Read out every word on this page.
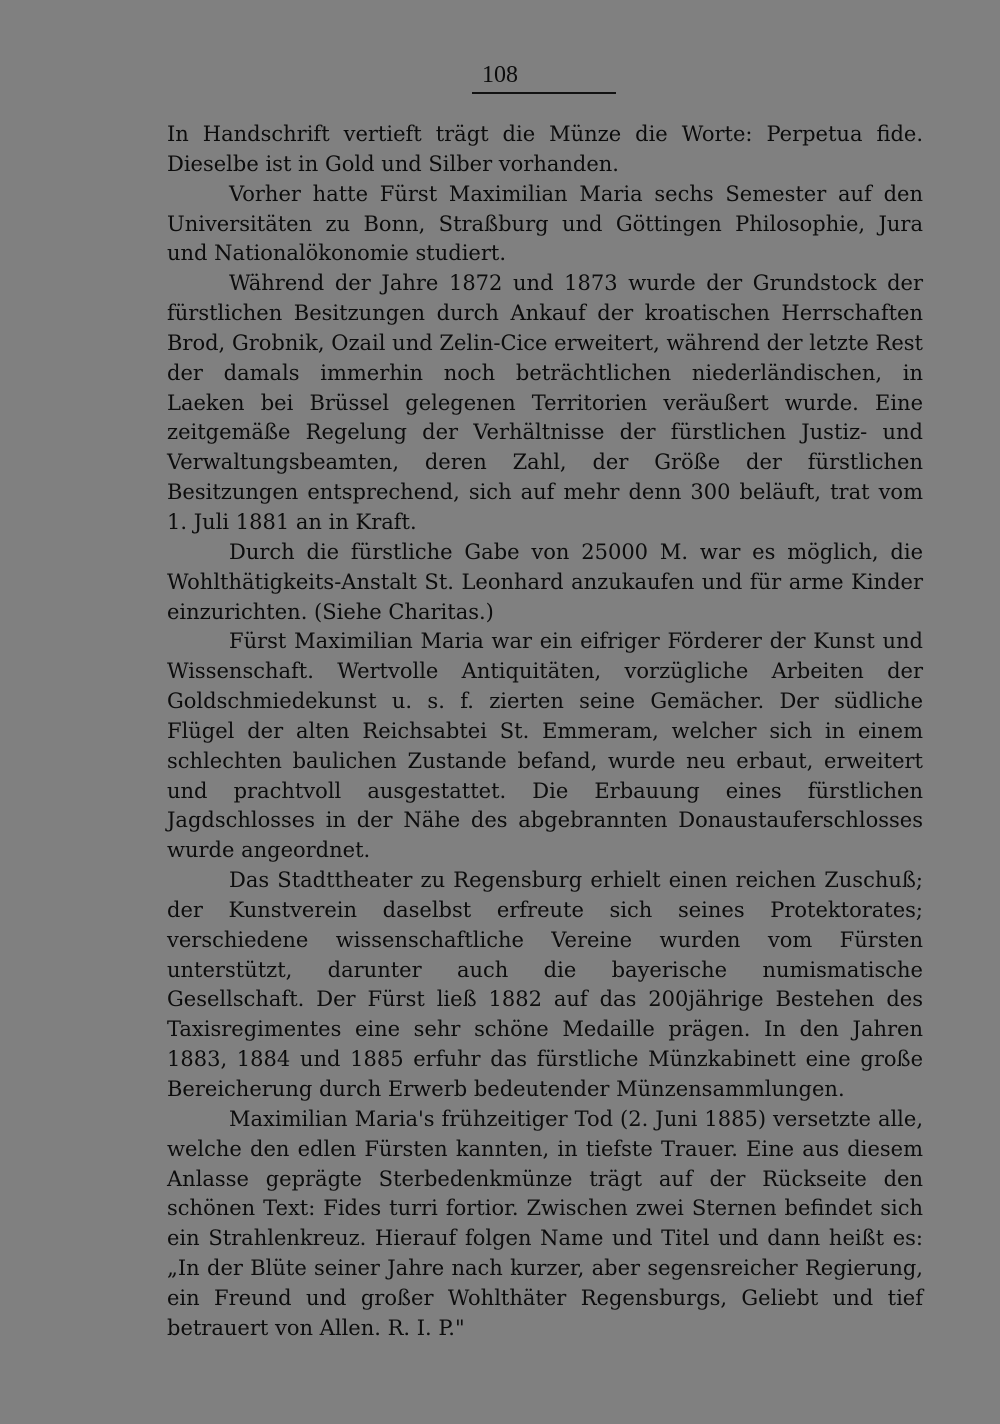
108

In Handschrift vertieft trägt die Münze die Worte: Perpetua fide. Dieselbe ist in Gold und Silber vorhanden.

Vorher hatte Fürst Maximilian Maria sechs Semester auf den Universitäten zu Bonn, Straßburg und Göttingen Philosophie, Jura und Nationalökonomie studiert.

Während der Jahre 1872 und 1873 wurde der Grundstock der fürstlichen Besitzungen durch Ankauf der kroatischen Herrschaften Brod, Grobnik, Ozail und Zelin-Cice erweitert, während der letzte Rest der damals immerhin noch beträchtlichen niederländischen, in Laeken bei Brüssel gelegenen Territorien veräußert wurde. Eine zeitgemäße Regelung der Verhältnisse der fürstlichen Justiz- und Verwaltungsbeamten, deren Zahl, der Größe der fürstlichen Besitzungen entsprechend, sich auf mehr denn 300 beläuft, trat vom 1. Juli 1881 an in Kraft.

Durch die fürstliche Gabe von 25000 M. war es möglich, die Wohlthätigkeits-Anstalt St. Leonhard anzukaufen und für arme Kinder einzurichten. (Siehe Charitas.)

Fürst Maximilian Maria war ein eifriger Förderer der Kunst und Wissenschaft. Wertvolle Antiquitäten, vorzügliche Arbeiten der Goldschmiedekunst u. s. f. zierten seine Gemächer. Der südliche Flügel der alten Reichsabtei St. Emmeram, welcher sich in einem schlechten baulichen Zustande befand, wurde neu erbaut, erweitert und prachtvoll ausgestattet. Die Erbauung eines fürstlichen Jagdschlosses in der Nähe des abgebrannten Donaustauferschlosses wurde angeordnet.

Das Stadttheater zu Regensburg erhielt einen reichen Zuschuß; der Kunstverein daselbst erfreute sich seines Protektorates; verschiedene wissenschaftliche Vereine wurden vom Fürsten unterstützt, darunter auch die bayerische numismatische Gesellschaft. Der Fürst ließ 1882 auf das 200jährige Bestehen des Taxisregimentes eine sehr schöne Medaille prägen. In den Jahren 1883, 1884 und 1885 erfuhr das fürstliche Münzkabinett eine große Bereicherung durch Erwerb bedeutender Münzensammlungen.

Maximilian Maria's frühzeitiger Tod (2. Juni 1885) versetzte alle, welche den edlen Fürsten kannten, in tiefste Trauer. Eine aus diesem Anlasse geprägte Sterbedenkmünze trägt auf der Rückseite den schönen Text: Fides turri fortior. Zwischen zwei Sternen befindet sich ein Strahlenkreuz. Hierauf folgen Name und Titel und dann heißt es: „In der Blüte seiner Jahre nach kurzer, aber segensreicher Regierung, ein Freund und großer Wohlthäter Regensburgs, Geliebt und tief betrauert von Allen. R. I. P."
